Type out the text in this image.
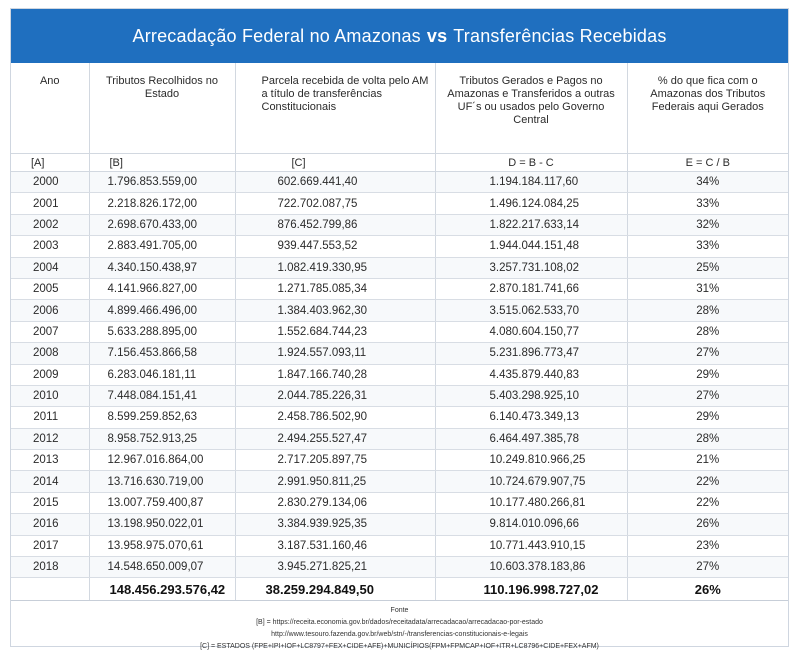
Arrecadação Federal no Amazonas vs Transferências Recebidas
Ano	Tributos Recolhidos no Estado	Parcela recebida de volta pelo AM a título de transferências Constitucionais	Tributos Gerados e Pagos no Amazonas e Transferidos a outras UF´s ou usados pelo Governo Central	% do que fica com o Amazonas dos Tributos Federais aqui Gerados
[A]	[B]	[C]	D = B - C	E = C / B
2000	1.796.853.559,00	602.669.441,40	1.194.184.117,60	34%
2001	2.218.826.172,00	722.702.087,75	1.496.124.084,25	33%
2002	2.698.670.433,00	876.452.799,86	1.822.217.633,14	32%
2003	2.883.491.705,00	939.447.553,52	1.944.044.151,48	33%
2004	4.340.150.438,97	1.082.419.330,95	3.257.731.108,02	25%
2005	4.141.966.827,00	1.271.785.085,34	2.870.181.741,66	31%
2006	4.899.466.496,00	1.384.403.962,30	3.515.062.533,70	28%
2007	5.633.288.895,00	1.552.684.744,23	4.080.604.150,77	28%
2008	7.156.453.866,58	1.924.557.093,11	5.231.896.773,47	27%
2009	6.283.046.181,11	1.847.166.740,28	4.435.879.440,83	29%
2010	7.448.084.151,41	2.044.785.226,31	5.403.298.925,10	27%
2011	8.599.259.852,63	2.458.786.502,90	6.140.473.349,13	29%
2012	8.958.752.913,25	2.494.255.527,47	6.464.497.385,78	28%
2013	12.967.016.864,00	2.717.205.897,75	10.249.810.966,25	21%
2014	13.716.630.719,00	2.991.950.811,25	10.724.679.907,75	22%
2015	13.007.759.400,87	2.830.279.134,06	10.177.480.266,81	22%
2016	13.198.950.022,01	3.384.939.925,35	9.814.010.096,66	26%
2017	13.958.975.070,61	3.187.531.160,46	10.771.443.910,15	23%
2018	14.548.650.009,07	3.945.271.825,21	10.603.378.183,86	27%
	148.456.293.576,42	38.259.294.849,50	110.196.998.727,02	26%
Fonte
[B] = https://receita.economia.gov.br/dados/receitadata/arrecadacao/arrecadacao-por-estado
http://www.tesouro.fazenda.gov.br/web/stn/-/transferencias-constitucionais-e-legais
[C] = ESTADOS (FPE+IPI+IOF+LC8797+FEX+CIDE+AFE)+MUNICÍPIOS(FPM+FPMCAP+IOF+ITR+LC8796+CIDE+FEX+AFM)
